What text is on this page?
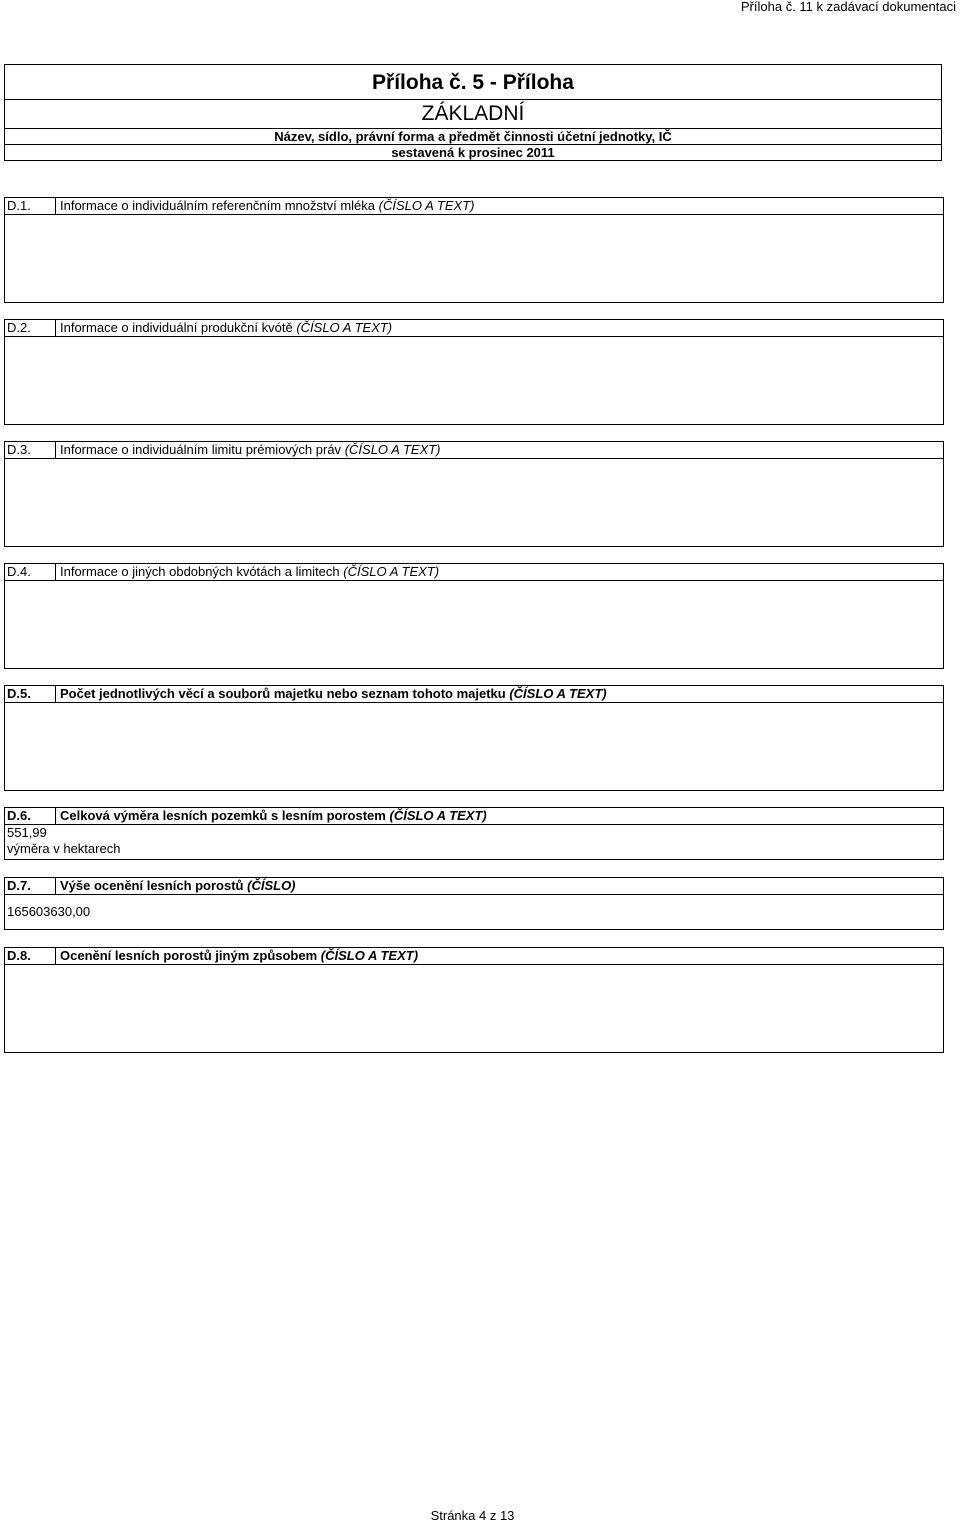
Příloha č. 11 k zadávací dokumentaci
Příloha č. 5 - Příloha
ZÁKLADNÍ
Název, sídlo, právní forma a předmět činnosti účetní jednotky, IČ
sestavená k prosinec 2011
D.1.	Informace o individuálním referenčním množství mléka (ČÍSLO A TEXT)
D.2.	Informace o individuální produkční kvótě (ČÍSLO A TEXT)
D.3.	Informace o individuálním limitu prémiových práv (ČÍSLO A TEXT)
D.4.	Informace o jiných obdobných kvótách a limitech (ČÍSLO A TEXT)
D.5.	Počet jednotlivých věcí a souborů majetku nebo seznam tohoto majetku (ČÍSLO A TEXT)
D.6.	Celková výměra lesních pozemků s lesním porostem (ČÍSLO A TEXT)
551,99
výměra v hektarech
D.7.	Výše ocenění lesních porostů (ČÍSLO)
165603630,00
D.8.	Ocenění lesních porostů jiným způsobem (ČÍSLO A TEXT)
Stránka 4 z 13
